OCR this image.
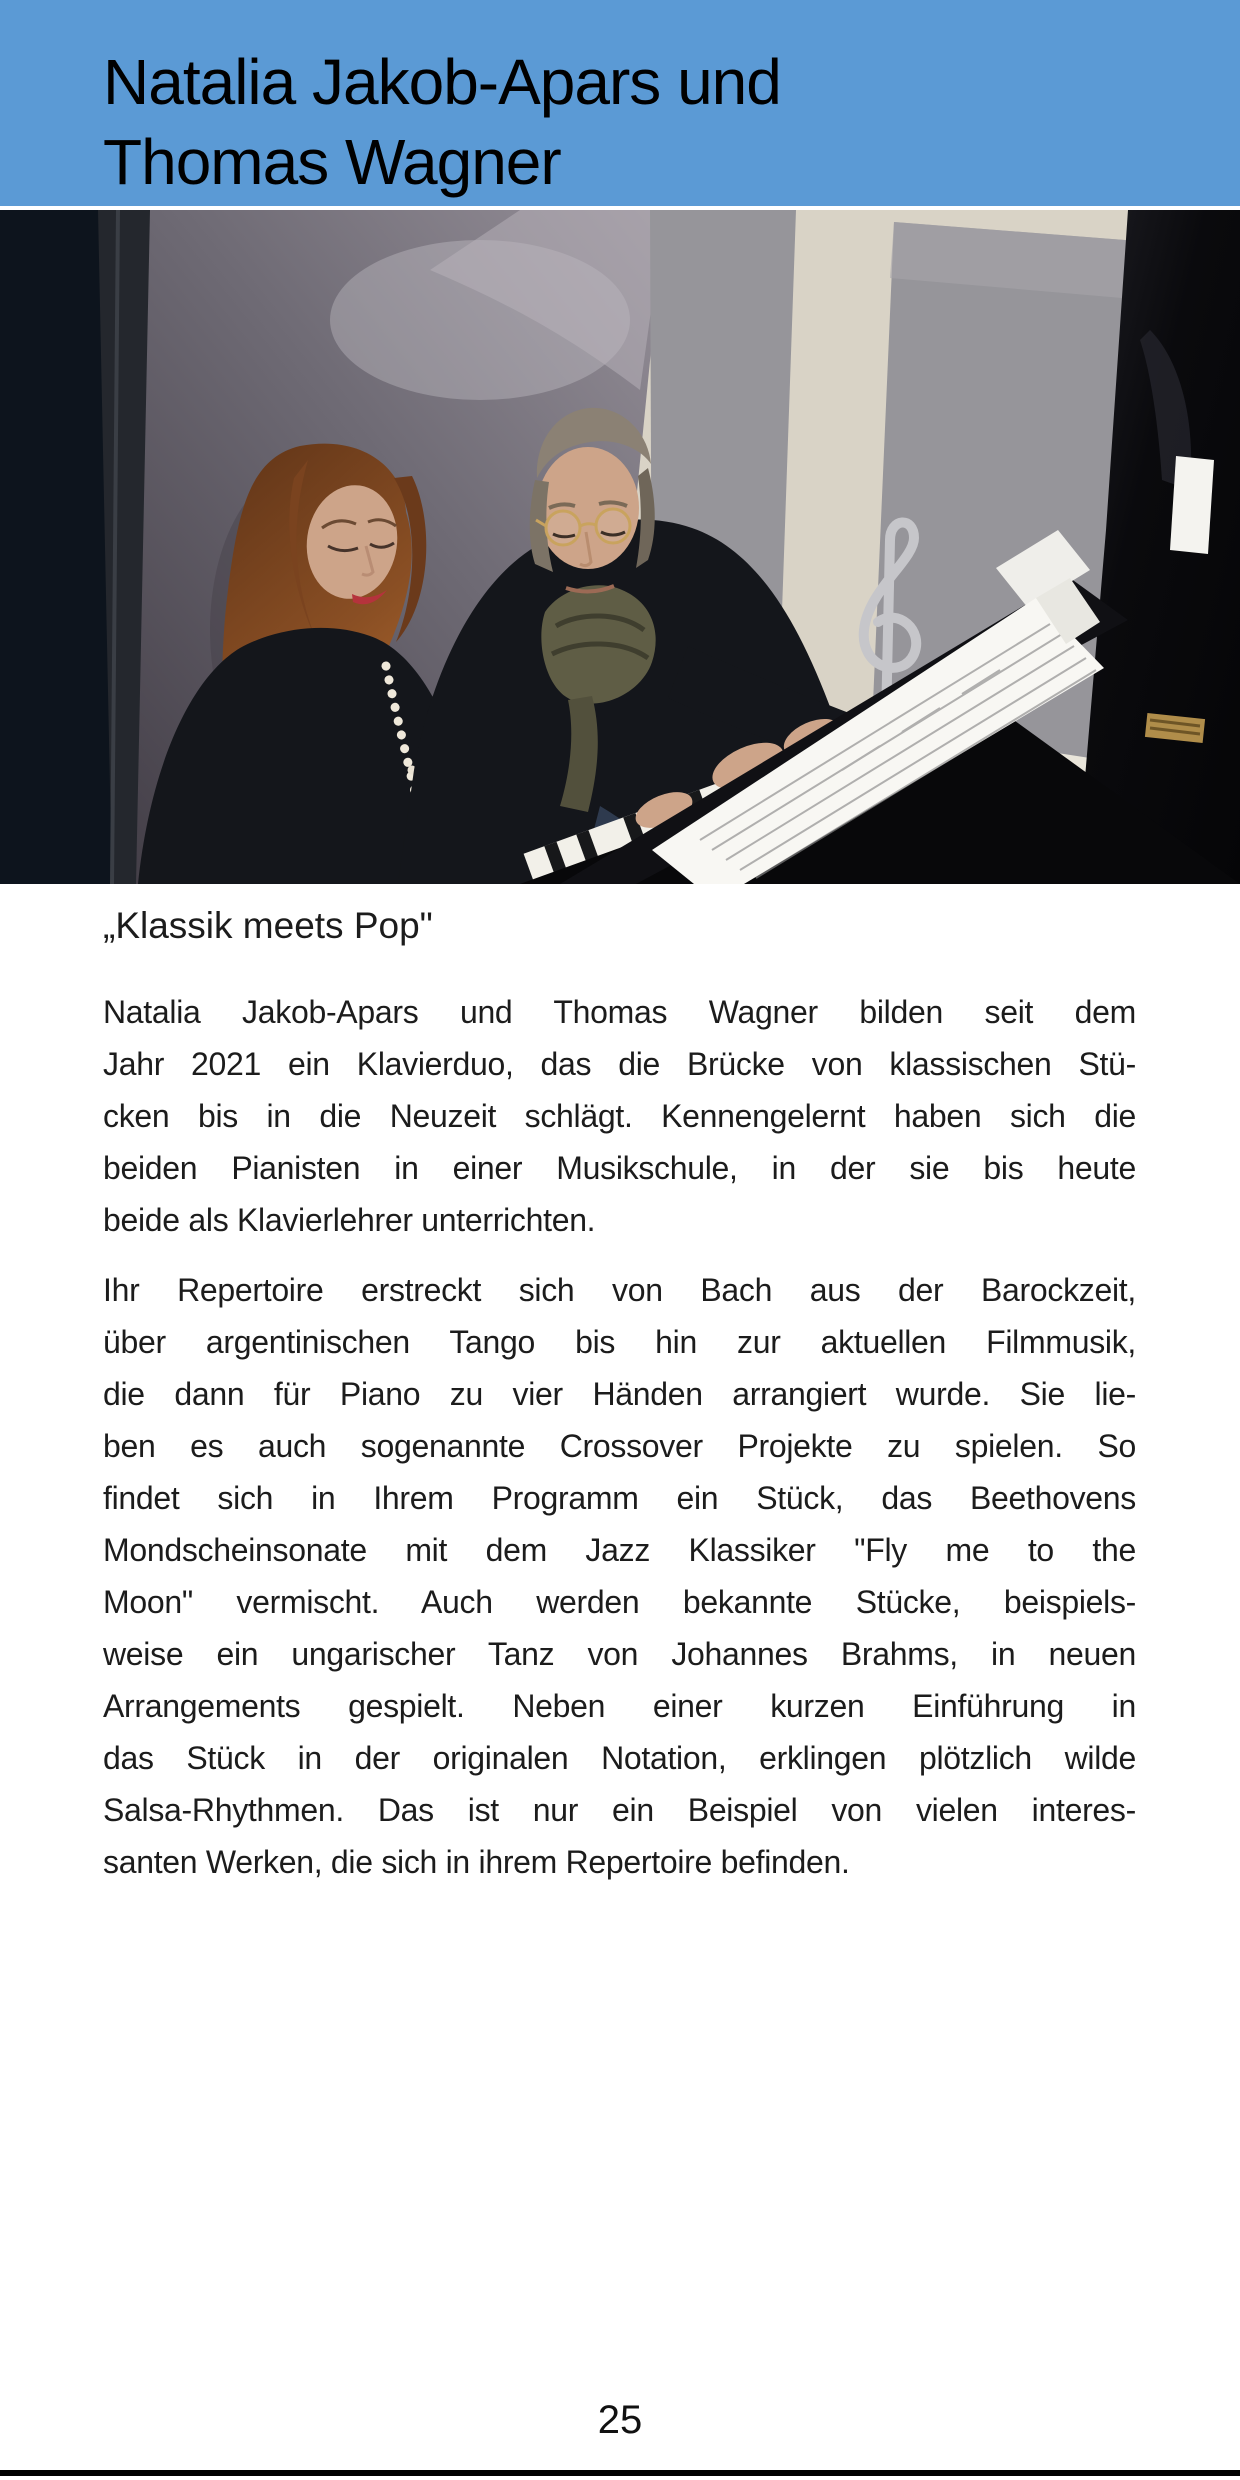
Natalia Jakob-Apars und
Thomas Wagner
„Klassik meets Pop"
Natalia Jakob-Apars und Thomas Wagner bilden seit dem
Jahr 2021 ein Klavierduo, das die Brücke von klassischen Stü-
cken bis in die Neuzeit schlägt. Kennengelernt haben sich die
beiden Pianisten in einer Musikschule, in der sie bis heute
beide als Klavierlehrer unterrichten.
Ihr Repertoire erstreckt sich von Bach aus der Barockzeit,
über argentinischen Tango bis hin zur aktuellen Filmmusik,
die dann für Piano zu vier Händen arrangiert wurde. Sie lie-
ben es auch sogenannte Crossover Projekte zu spielen. So
findet sich in Ihrem Programm ein Stück, das Beethovens
Mondscheinsonate mit dem Jazz Klassiker "Fly me to the
Moon" vermischt. Auch werden bekannte Stücke, beispiels-
weise ein ungarischer Tanz von Johannes Brahms, in neuen
Arrangements gespielt. Neben einer kurzen Einführung in
das Stück in der originalen Notation, erklingen plötzlich wilde
Salsa-Rhythmen. Das ist nur ein Beispiel von vielen interes-
santen Werken, die sich in ihrem Repertoire befinden.
25
